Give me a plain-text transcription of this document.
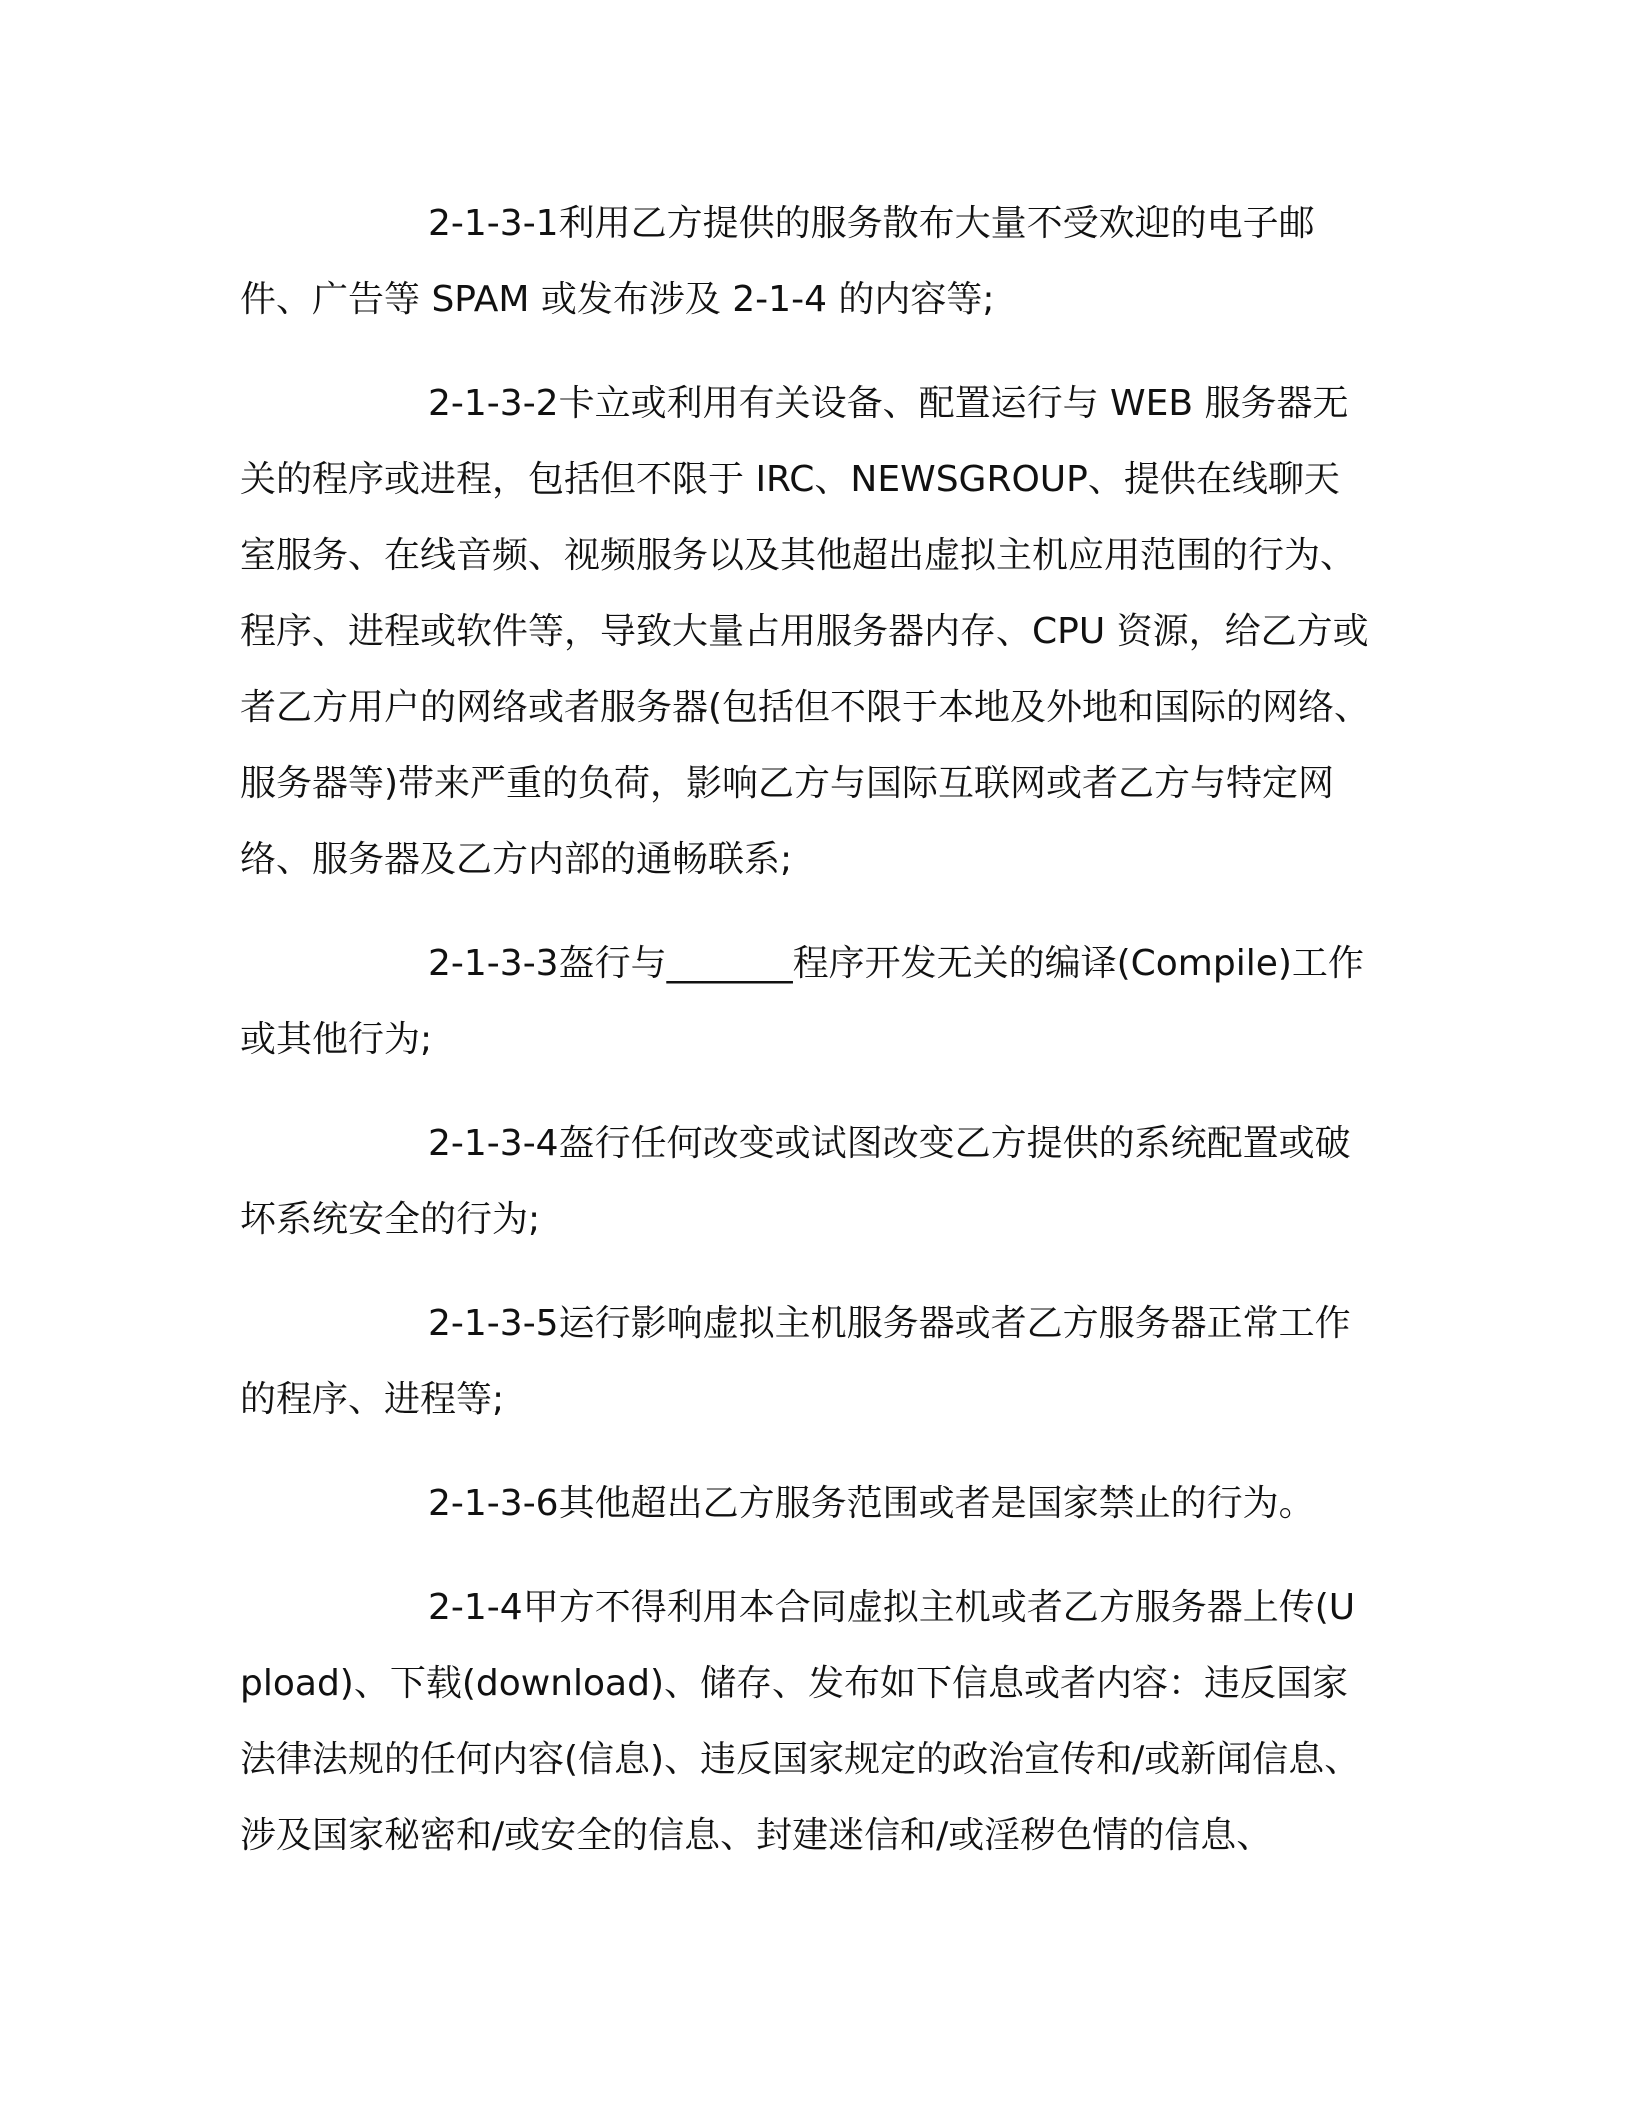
2-1-3-1利用乙方提供的服务散布大量不受欢迎的电子邮件、广告等 SPAM 或发布涉及 2-1-4 的内容等;

2-1-3-2卡立或利用有关设备、配置运行与 WEB 服务器无关的程序或进程，包括但不限于 IRC、NEWSGROUP、提供在线聊天室服务、在线音频、视频服务以及其他超出虚拟主机应用范围的行为、程序、进程或软件等，导致大量占用服务器内存、CPU 资源，给乙方或者乙方用户的网络或者服务器(包括但不限于本地及外地和国际的网络、服务器等)带来严重的负荷，影响乙方与国际互联网或者乙方与特定网络、服务器及乙方内部的通畅联系;

2-1-3-3盔行与_______程序开发无关的编译(Compile)工作或其他行为;

2-1-3-4盔行任何改变或试图改变乙方提供的系统配置或破坏系统安全的行为;

2-1-3-5运行影响虚拟主机服务器或者乙方服务器正常工作的程序、进程等;

2-1-3-6其他超出乙方服务范围或者是国家禁止的行为。

2-1-4甲方不得利用本合同虚拟主机或者乙方服务器上传(Upload)、下载(download)、储存、发布如下信息或者内容：违反国家法律法规的任何内容(信息)、违反国家规定的政治宣传和/或新闻信息、涉及国家秘密和/或安全的信息、封建迷信和/或淫秽色情的信息、
